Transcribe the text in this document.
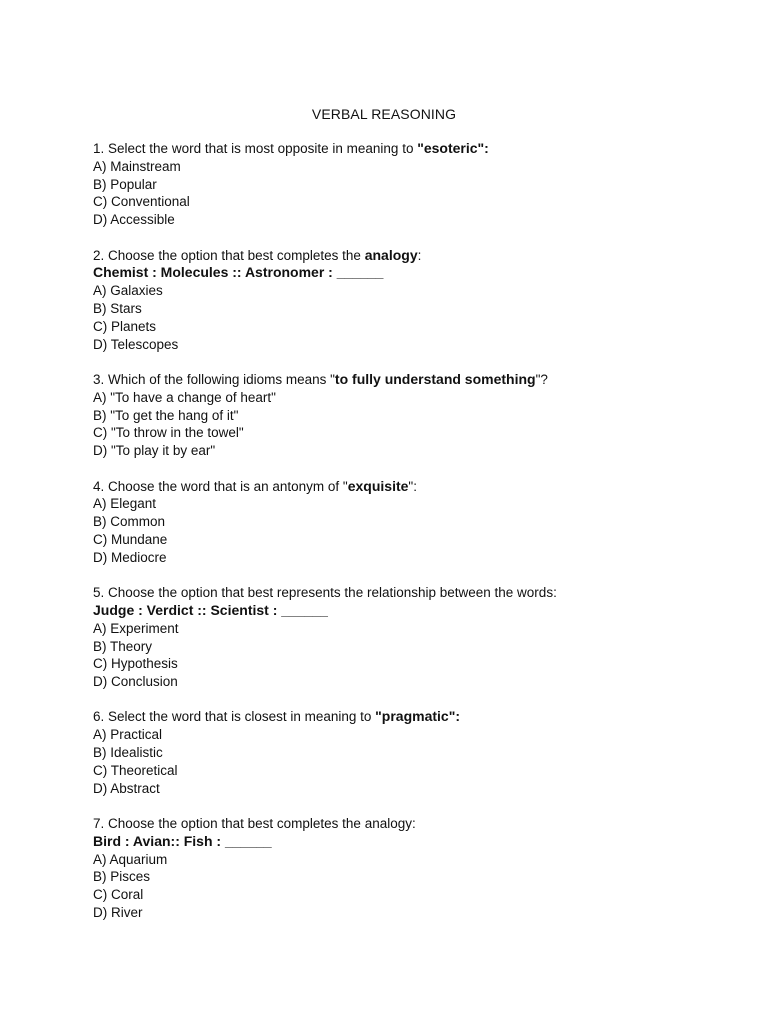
VERBAL REASONING
1. Select the word that is most opposite in meaning to "esoteric":
A) Mainstream
B) Popular
C) Conventional
D) Accessible
2. Choose the option that best completes the analogy:
Chemist : Molecules :: Astronomer : ______
A) Galaxies
B) Stars
C) Planets
D) Telescopes
3. Which of the following idioms means "to fully understand something"?
A) "To have a change of heart"
B) "To get the hang of it"
C) "To throw in the towel"
D) "To play it by ear"
4. Choose the word that is an antonym of "exquisite":
A) Elegant
B) Common
C) Mundane
D) Mediocre
5. Choose the option that best represents the relationship between the words:
Judge : Verdict :: Scientist : ______
A) Experiment
B) Theory
C) Hypothesis
D) Conclusion
6. Select the word that is closest in meaning to "pragmatic":
A) Practical
B) Idealistic
C) Theoretical
D) Abstract
7. Choose the option that best completes the analogy:
Bird : Avian:: Fish : ______
A) Aquarium
B) Pisces
C) Coral
D) River
